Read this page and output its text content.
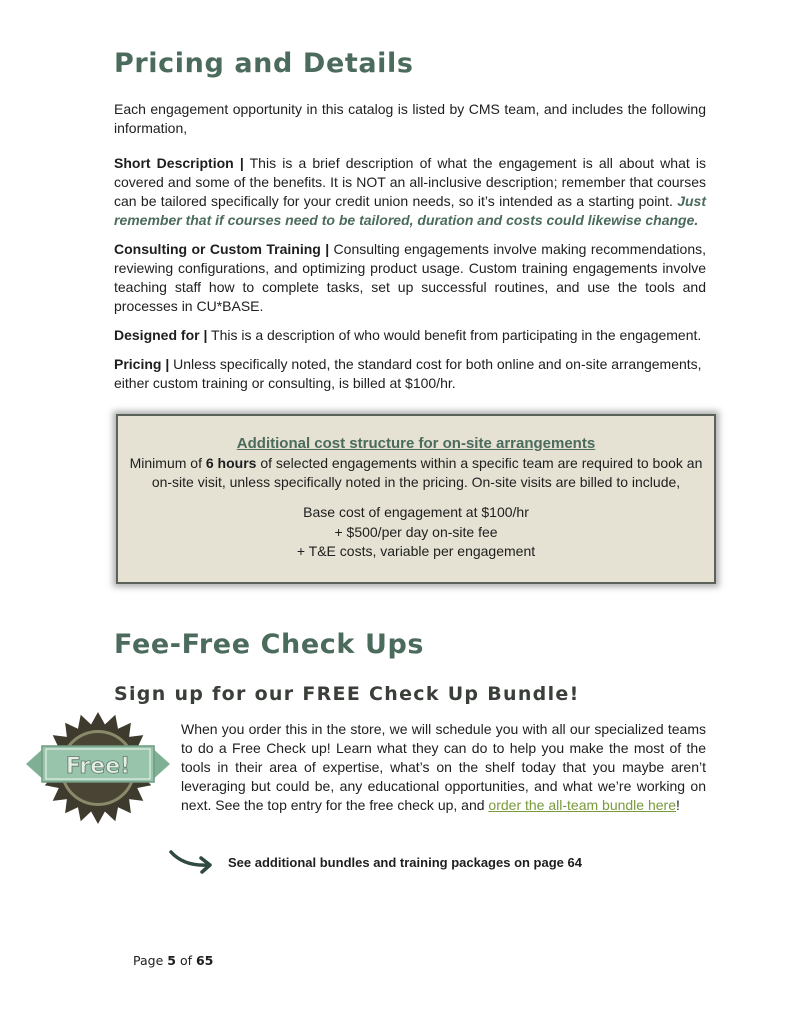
Pricing and Details

Each engagement opportunity in this catalog is listed by CMS team, and includes the following information,

Short Description | This is a brief description of what the engagement is all about what is covered and some of the benefits. It is NOT an all-inclusive description; remember that courses can be tailored specifically for your credit union needs, so it’s intended as a starting point. Just remember that if courses need to be tailored, duration and costs could likewise change.

Consulting or Custom Training | Consulting engagements involve making recommendations, reviewing configurations, and optimizing product usage. Custom training engagements involve teaching staff how to complete tasks, set up successful routines, and use the tools and processes in CU*BASE.

Designed for | This is a description of who would benefit from participating in the engagement.

Pricing | Unless specifically noted, the standard cost for both online and on-site arrangements, either custom training or consulting, is billed at $100/hr.

Additional cost structure for on-site arrangements
Minimum of 6 hours of selected engagements within a specific team are required to book an on-site visit, unless specifically noted in the pricing. On-site visits are billed to include,
Base cost of engagement at $100/hr
+ $500/per day on-site fee
+ T&E costs, variable per engagement
Fee-Free Check Ups
Sign up for our FREE Check Up Bundle!
Free!

When you order this in the store, we will schedule you with all our specialized teams to do a Free Check up! Learn what they can do to help you make the most of the tools in their area of expertise, what’s on the shelf today that you maybe aren’t leveraging but could be, any educational opportunities, and what we’re working on next. See the top entry for the free check up, and order the all-team bundle here!

See additional bundles and training packages on page 64

Page 5 of 65
